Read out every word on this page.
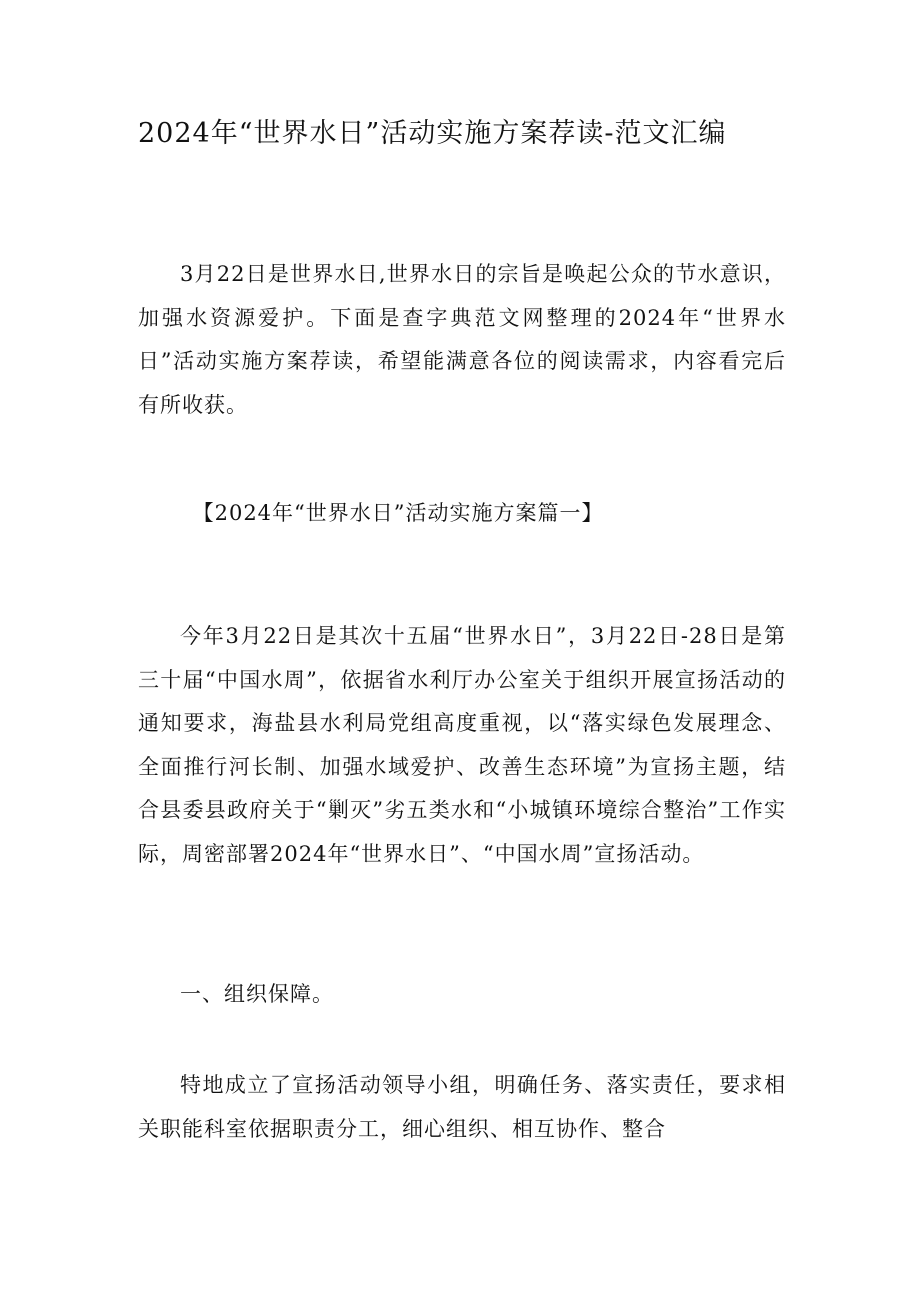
2024年“世界水日”活动实施方案荐读-范文汇编

3月22日是世界水日,世界水日的宗旨是唤起公众的节水意识，加强水资源爱护。下面是查字典范文网整理的2024年“世界水日”活动实施方案荐读，希望能满意各位的阅读需求，内容看完后有所收获。

【2024年“世界水日”活动实施方案篇一】

今年3月22日是其次十五届“世界水日”，3月22日-28日是第三十届“中国水周”，依据省水利厅办公室关于组织开展宣扬活动的通知要求，海盐县水利局党组高度重视，以“落实绿色发展理念、全面推行河长制、加强水域爱护、改善生态环境”为宣扬主题，结合县委县政府关于“剿灭”劣五类水和“小城镇环境综合整治”工作实际，周密部署2024年“世界水日”、“中国水周”宣扬活动。

一、组织保障。

特地成立了宣扬活动领导小组，明确任务、落实责任，要求相关职能科室依据职责分工，细心组织、相互协作、整合
